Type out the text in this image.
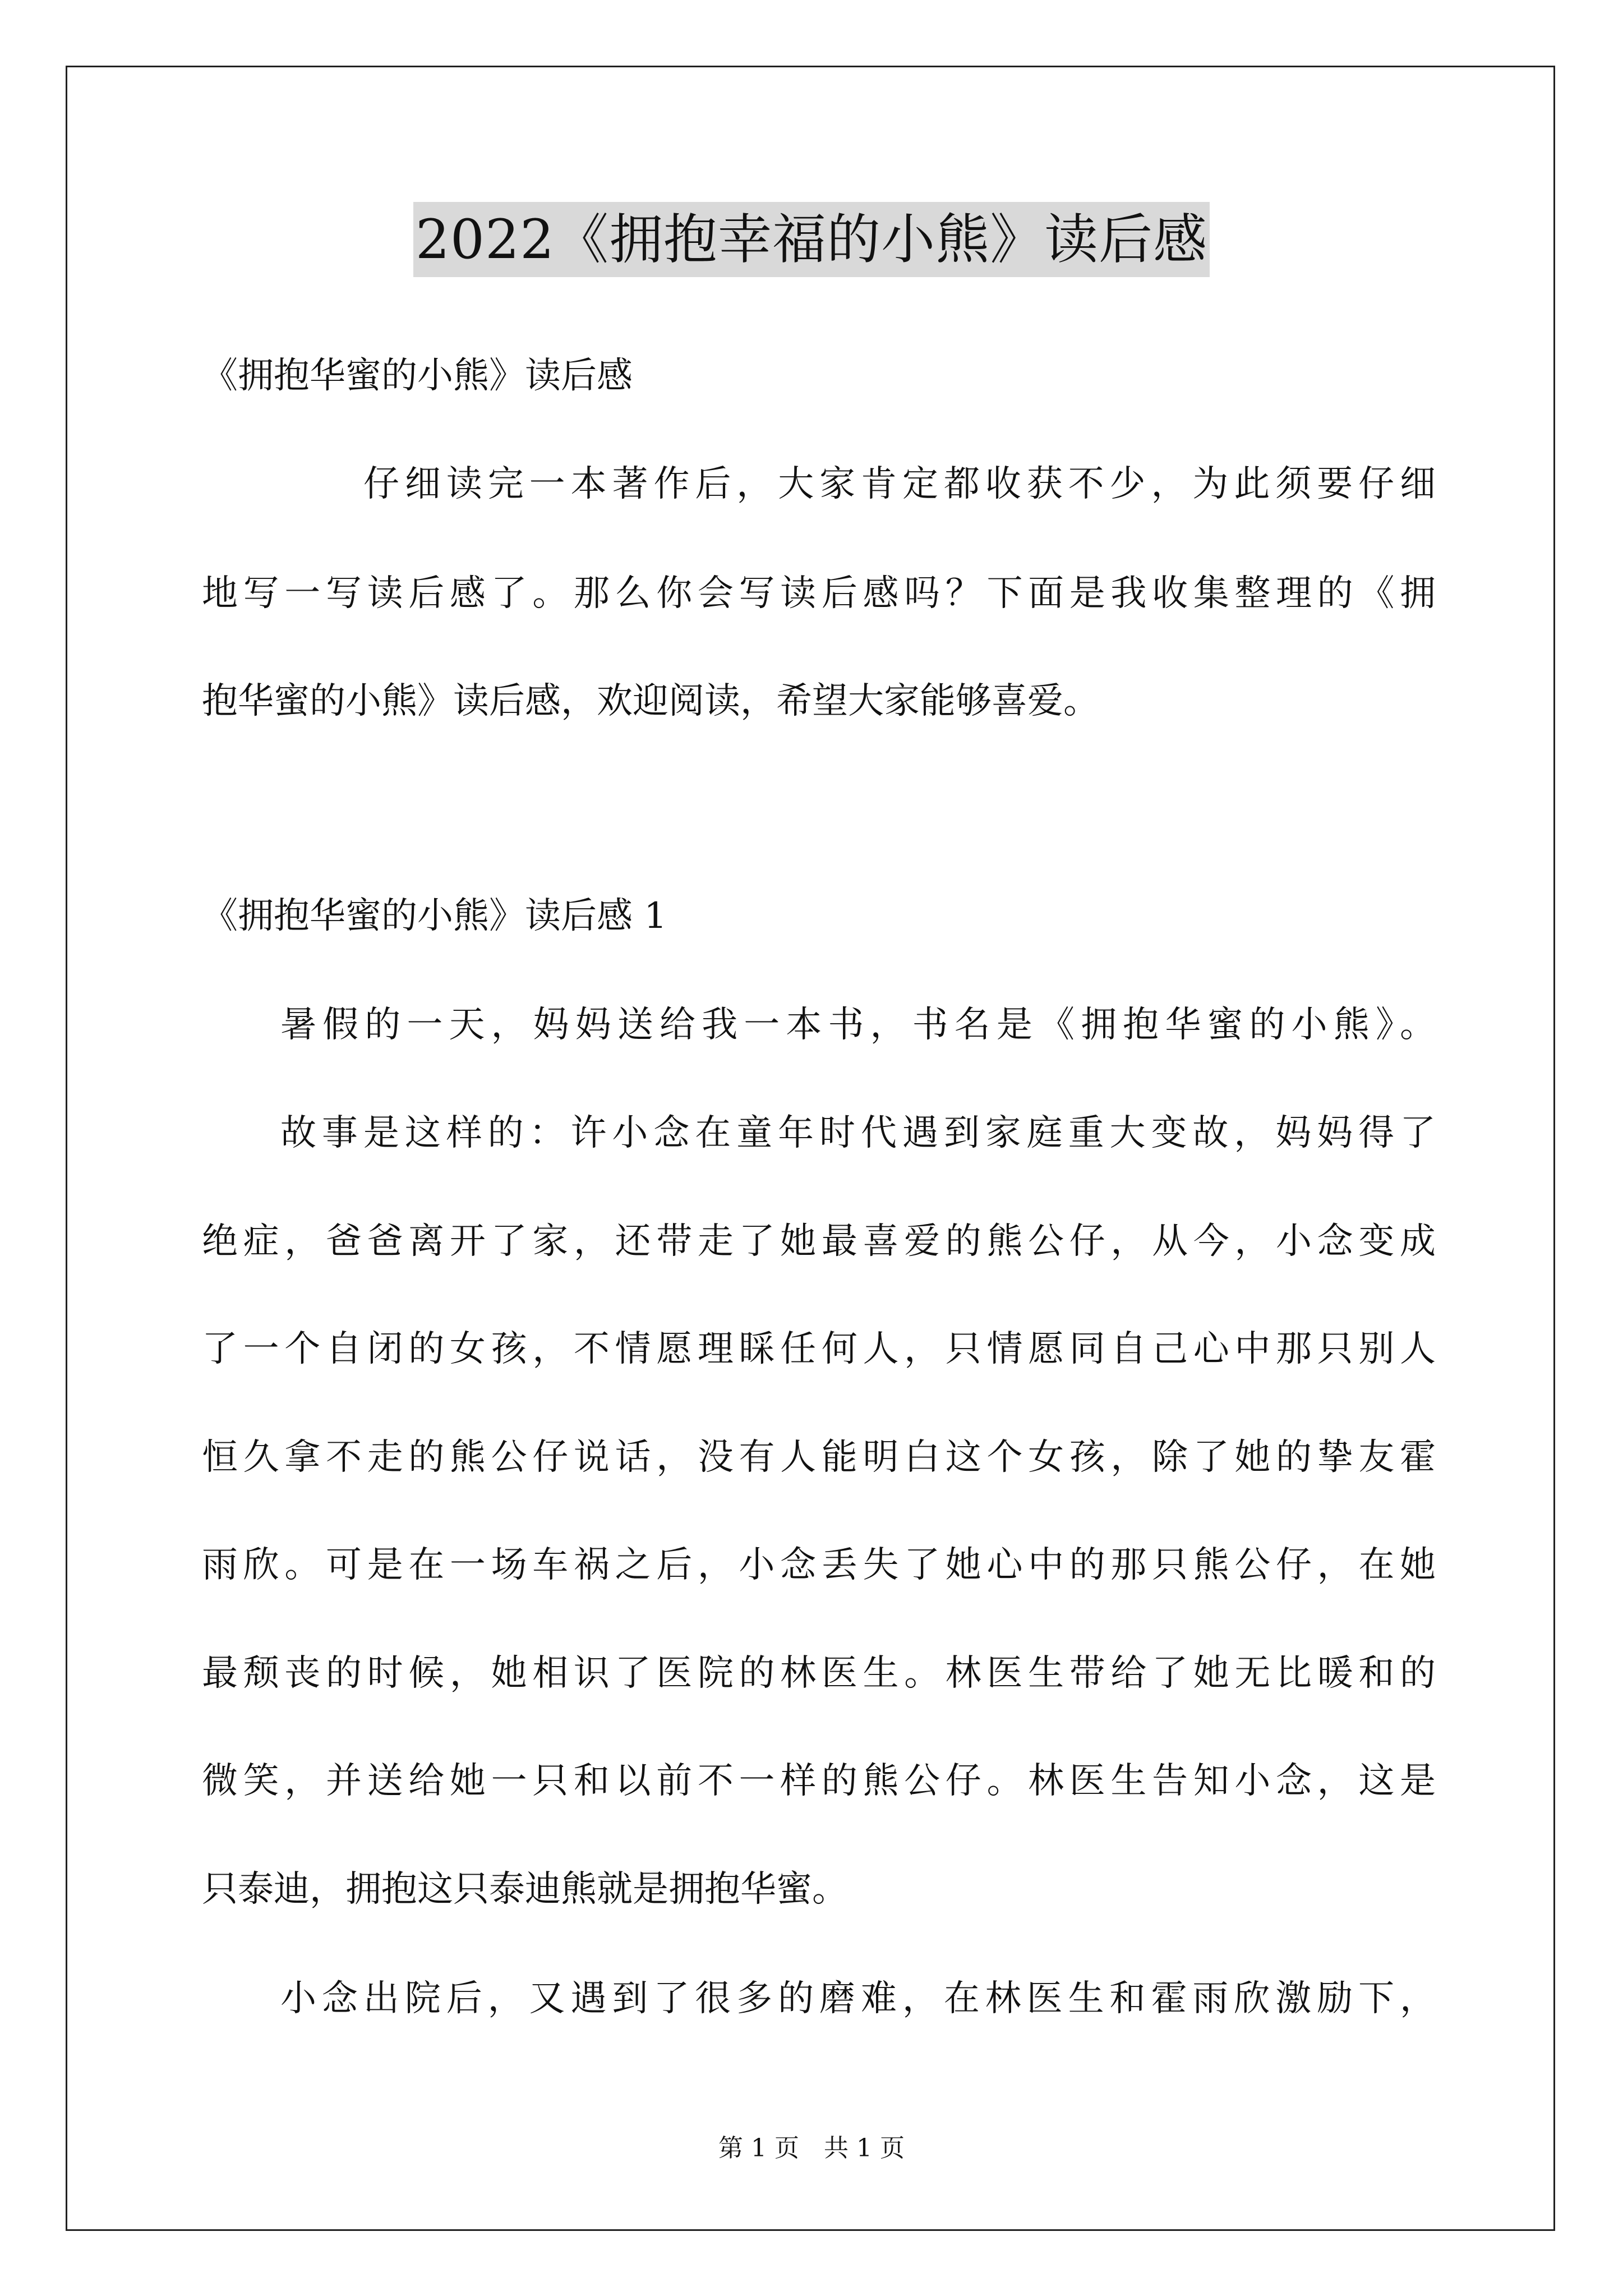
2022《拥抱幸福的小熊》读后感
《拥抱华蜜的小熊》读后感
仔细读完一本著作后，大家肯定都收获不少，为此须要仔细
地写一写读后感了。那么你会写读后感吗？下面是我收集整理的《拥
抱华蜜的小熊》读后感，欢迎阅读，希望大家能够喜爱。
《拥抱华蜜的小熊》读后感 1
暑假的一天，妈妈送给我一本书，书名是《拥抱华蜜的小熊》。
故事是这样的：许小念在童年时代遇到家庭重大变故，妈妈得了
绝症，爸爸离开了家，还带走了她最喜爱的熊公仔，从今，小念变成
了一个自闭的女孩，不情愿理睬任何人，只情愿同自己心中那只别人
恒久拿不走的熊公仔说话，没有人能明白这个女孩，除了她的挚友霍
雨欣。可是在一场车祸之后，小念丢失了她心中的那只熊公仔，在她
最颓丧的时候，她相识了医院的林医生。林医生带给了她无比暖和的
微笑，并送给她一只和以前不一样的熊公仔。林医生告知小念，这是
只泰迪，拥抱这只泰迪熊就是拥抱华蜜。
小念出院后，又遇到了很多的磨难，在林医生和霍雨欣激励下，
第 1 页　共 1 页
